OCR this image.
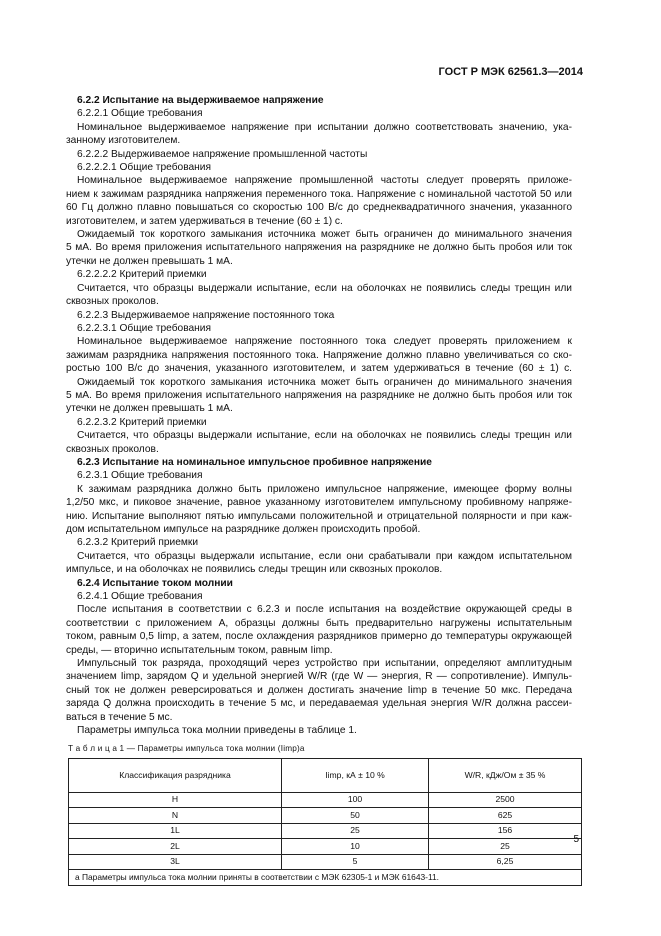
ГОСТ Р МЭК 62561.3—2014
6.2.2 Испытание на выдерживаемое напряжение
6.2.2.1 Общие требования
Номинальное выдерживаемое напряжение при испытании должно соответствовать значению, ука-
занному изготовителем.
6.2.2.2 Выдерживаемое напряжение промышленной частоты
6.2.2.2.1 Общие требования
Номинальное выдерживаемое напряжение промышленной частоты следует проверять приложе-
нием к зажимам разрядника напряжения переменного тока. Напряжение с номинальной частотой 50 или
60 Гц должно плавно повышаться со скоростью 100 В/с до среднеквадратичного значения, указанного
изготовителем, и затем удерживаться в течение (60 ± 1) с.
Ожидаемый ток короткого замыкания источника может быть ограничен до минимального значения
5 мА. Во время приложения испытательного напряжения на разряднике не должно быть пробоя или ток
утечки не должен превышать 1 мА.
6.2.2.2.2 Критерий приемки
Считается, что образцы выдержали испытание, если на оболочках не появились следы трещин или
сквозных проколов.
6.2.2.3 Выдерживаемое напряжение постоянного тока
6.2.2.3.1 Общие требования
Номинальное выдерживаемое напряжение постоянного тока следует проверять приложением к
зажимам разрядника напряжения постоянного тока. Напряжение должно плавно увеличиваться со ско-
ростью 100 В/с до значения, указанного изготовителем, и затем удерживаться в течение (60 ± 1) с.
Ожидаемый ток короткого замыкания источника может быть ограничен до минимального значения
5 мА. Во время приложения испытательного напряжения на разряднике не должно быть пробоя или ток
утечки не должен превышать 1 мА.
6.2.2.3.2 Критерий приемки
Считается, что образцы выдержали испытание, если на оболочках не появились следы трещин или
сквозных проколов.
6.2.3 Испытание на номинальное импульсное пробивное напряжение
6.2.3.1 Общие требования
К зажимам разрядника должно быть приложено импульсное напряжение, имеющее форму волны
1,2/50 мкс, и пиковое значение, равное указанному изготовителем импульсному пробивному напряже-
нию. Испытание выполняют пятью импульсами положительной и отрицательной полярности и при каж-
дом испытательном импульсе на разряднике должен происходить пробой.
6.2.3.2 Критерий приемки
Считается, что образцы выдержали испытание, если они срабатывали при каждом испытательном
импульсе, и на оболочках не появились следы трещин или сквозных проколов.
6.2.4 Испытание током молнии
6.2.4.1 Общие требования
После испытания в соответствии с 6.2.3 и после испытания на воздействие окружающей среды в
соответствии с приложением А, образцы должны быть предварительно нагружены испытательным
током, равным 0,5 Iimp, а затем, после охлаждения разрядников примерно до температуры окружающей
среды, — вторично испытательным током, равным Iimp.
Импульсный ток разряда, проходящий через устройство при испытании, определяют амплитудным
значением Iimp, зарядом Q и удельной энергией W/R (где W — энергия, R — сопротивление). Импуль-
сный ток не должен реверсироваться и должен достигать значение Iimp в течение 50 мкс. Передача
заряда Q должна происходить в течение 5 мс, и передаваемая удельная энергия W/R должна рассеи-
ваться в течение 5 мс.
Параметры импульса тока молнии приведены в таблице 1.
Т а б л и ц а 1 — Параметры импульса тока молнии (Iimp)a
Классификация разрядника	Iimp, кА ± 10 %	W/R, кДж/Ом ± 35 %
Н	100	2500
N	50	625
1L	25	156
2L	10	25
3L	5	6,25
a Параметры импульса тока молнии приняты в соответствии с МЭК 62305-1 и МЭК 61643-11.		
5
